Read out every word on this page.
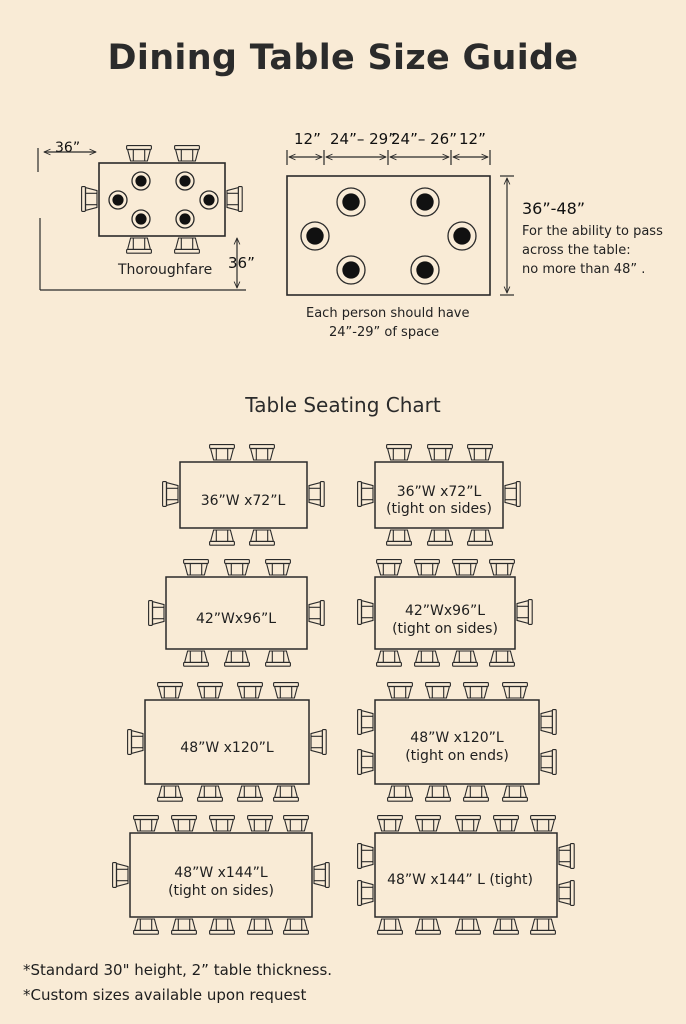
Dining Table Size Guide
36”
Thoroughfare 36”
12” 24”– 29”
24”– 26” 12”
36”-48”
For the ability to pass
across the table:
no more than 48” .
Each person should have
24”-29” of space
Table Seating Chart
36”W x72”L
36”W x72”L
(tight on sides)
42”Wx96”L	42”Wx96”L
(tight on sides)
48”W x120”L
48”W x120”L
(tight on ends)
48”W x144”L
(tight on sides)
48”W x144” L (tight)
*Standard 30" height, 2” table thickness.
*Custom sizes available upon request
